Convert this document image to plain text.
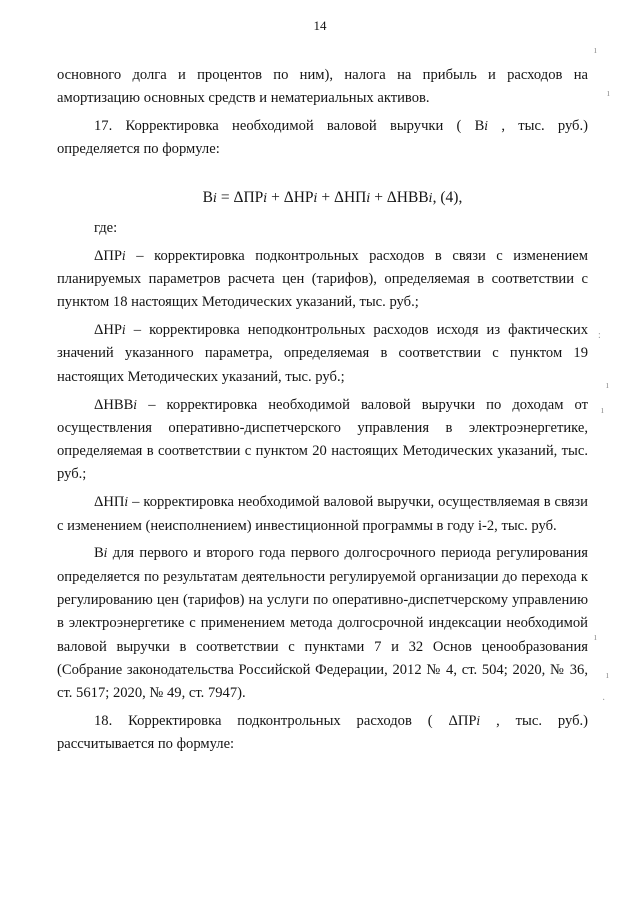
14

основного долга и процентов по ним), налога на прибыль и расходов на амортизацию основных средств и нематериальных активов.

17. Корректировка необходимой валовой выручки ( Bi , тыс. руб.) определяется по формуле:

Bi = ΔПРi + ΔНРi + ΔНПi + ΔНВВi, (4),

где:

ΔПРi – корректировка подконтрольных расходов в связи с изменением планируемых параметров расчета цен (тарифов), определяемая в соответствии с пунктом 18 настоящих Методических указаний, тыс. руб.;

ΔНРi – корректировка неподконтрольных расходов исходя из фактических значений указанного параметра, определяемая в соответствии с пунктом 19 настоящих Методических указаний, тыс. руб.;

ΔНВВi – корректировка необходимой валовой выручки по доходам от осуществления оперативно-диспетчерского управления в электроэнергетике, определяемая в соответствии с пунктом 20 настоящих Методических указаний, тыс. руб.;

ΔНПi – корректировка необходимой валовой выручки, осуществляемая в связи с изменением (неисполнением) инвестиционной программы в году i-2, тыс. руб.

Bi для первого и второго года первого долгосрочного периода регулирования определяется по результатам деятельности регулируемой организации до перехода к регулированию цен (тарифов) на услуги по оперативно-диспетчерскому управлению в электроэнергетике с применением метода долгосрочной индексации необходимой валовой выручки в соответствии с пунктами 7 и 32 Основ ценообразования (Собрание законодательства Российской Федерации, 2012 № 4, ст. 504; 2020, № 36, ст. 5617; 2020, № 49, ст. 7947).

18. Корректировка подконтрольных расходов ( ΔПРi , тыс. руб.) рассчитывается по формуле:

ı
ı
:
ı
ı
ı
ı
·
